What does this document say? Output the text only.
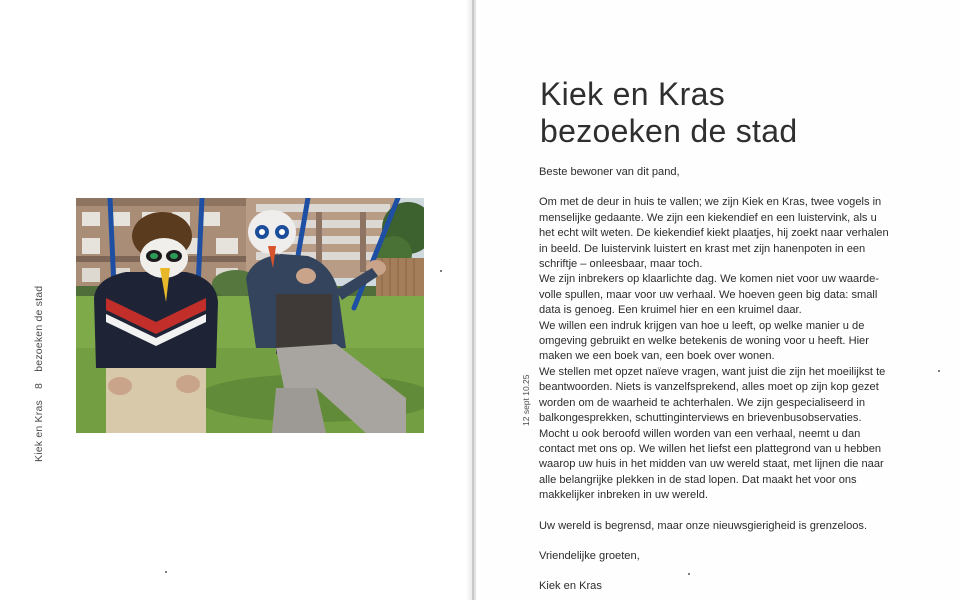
Kiek en Kras 8 bezoeken de stad
12 sept 10.25
Kiek en Kras
bezoeken de stad

Beste bewoner van dit pand,

Om met de deur in huis te vallen; we zijn Kiek en Kras, twee vogels in menselijke gedaante. We zijn een kiekendief en een luistervink, als u het echt wilt weten. De kiekendief kiekt plaatjes, hij zoekt naar verhalen in beeld. De luistervink luistert en krast met zijn hanenpoten in een schriftje – onleesbaar, maar toch.

We zijn inbrekers op klaarlichte dag. We komen niet voor uw waardevolle spullen, maar voor uw verhaal. We hoeven geen big data: small data is genoeg. Een kruimel hier en een kruimel daar.

We willen een indruk krijgen van hoe u leeft, op welke manier u de omgeving gebruikt en welke betekenis de woning voor u heeft. Hier maken we een boek van, een boek over wonen.

We stellen met opzet naïeve vragen, want juist die zijn het moeilijkst te beantwoorden. Niets is vanzelfsprekend, alles moet op zijn kop gezet worden om de waarheid te achterhalen. We zijn gespecialiseerd in balkongesprekken, schuttinginterviews en brievenbusobservaties.

Mocht u ook beroofd willen worden van een verhaal, neemt u dan contact met ons op. We willen het liefst een plattegrond van u hebben waarop uw huis in het midden van uw wereld staat, met lijnen die naar alle belangrijke plekken in de stad lopen. Dat maakt het voor ons makkelijker inbreken in uw wereld.

Uw wereld is begrensd, maar onze nieuwsgierigheid is grenzeloos.

Vriendelijke groeten,

Kiek en Kras
